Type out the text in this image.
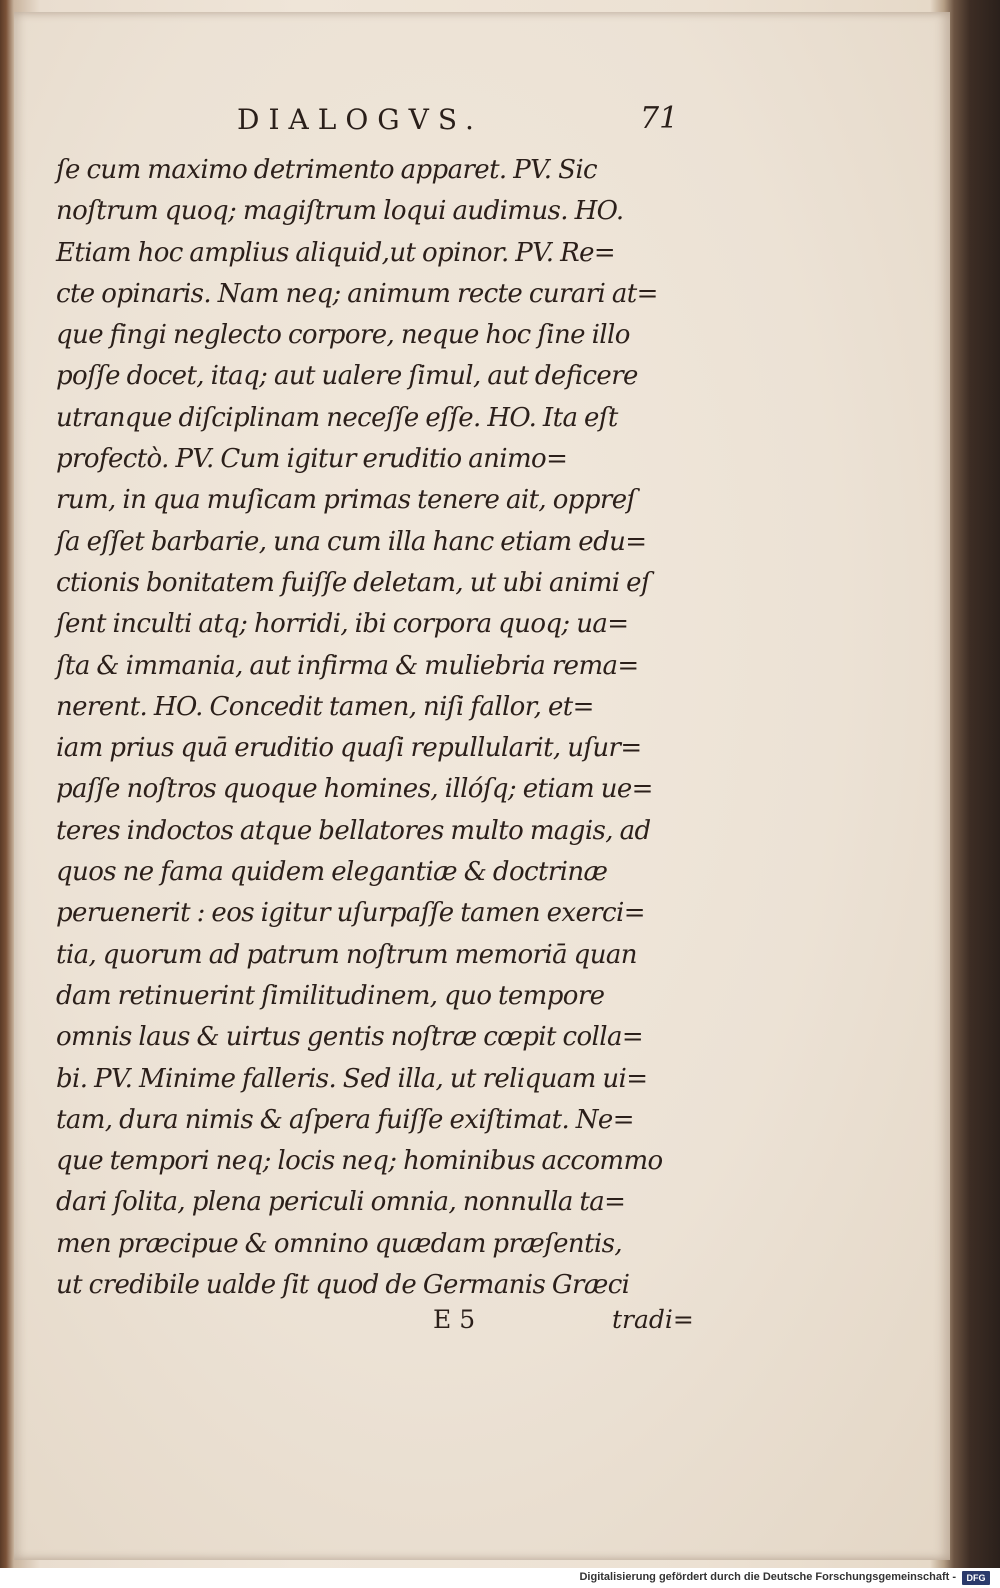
DIALOGVS.	71
ſe cum maximo detrimento apparet. PV. Sic
noſtrum quoq; magiſtrum loqui audimus. HO.
Etiam hoc amplius aliquid,ut opinor. PV. Re=
cte opinaris. Nam neq; animum recte curari at=
que fingi neglecto corpore, neque hoc ſine illo
poſſe docet, itaq; aut ualere ſimul, aut deficere
utranque diſciplinam neceſſe eſſe. HO. Ita eſt
profectò. PV. Cum igitur eruditio animo=
rum, in qua muſicam primas tenere ait, oppreſ
ſa eſſet barbarie, una cum illa hanc etiam edu=
ctionis bonitatem fuiſſe deletam, ut ubi animi eſ
ſent inculti atq; horridi, ibi corpora quoq; ua=
ſta & immania, aut infirma & muliebria rema=
nerent. HO. Concedit tamen, niſi fallor, et=
iam prius quā eruditio quaſi repullularit, uſur=
paſſe noſtros quoque homines, illóſq; etiam ue=
teres indoctos atque bellatores multo magis, ad
quos ne fama quidem elegantiæ & doctrinæ
peruenerit : eos igitur uſurpaſſe tamen exerci=
tia, quorum ad patrum noſtrum memoriā quan
dam retinuerint ſimilitudinem, quo tempore
omnis laus & uirtus gentis noſtræ cœpit colla=
bi. PV. Minime falleris. Sed illa, ut reliquam ui=
tam, dura nimis & aſpera fuiſſe exiſtimat. Ne=
que tempori neq; locis neq; hominibus accommo
dari ſolita, plena periculi omnia, nonnulla ta=
men præcipue & omnino quædam præſentis,
ut credibile ualde ſit quod de Germanis Græci
E 5	tradi=
Digitalisierung gefördert durch die Deutsche Forschungsgemeinschaft -	DFG
